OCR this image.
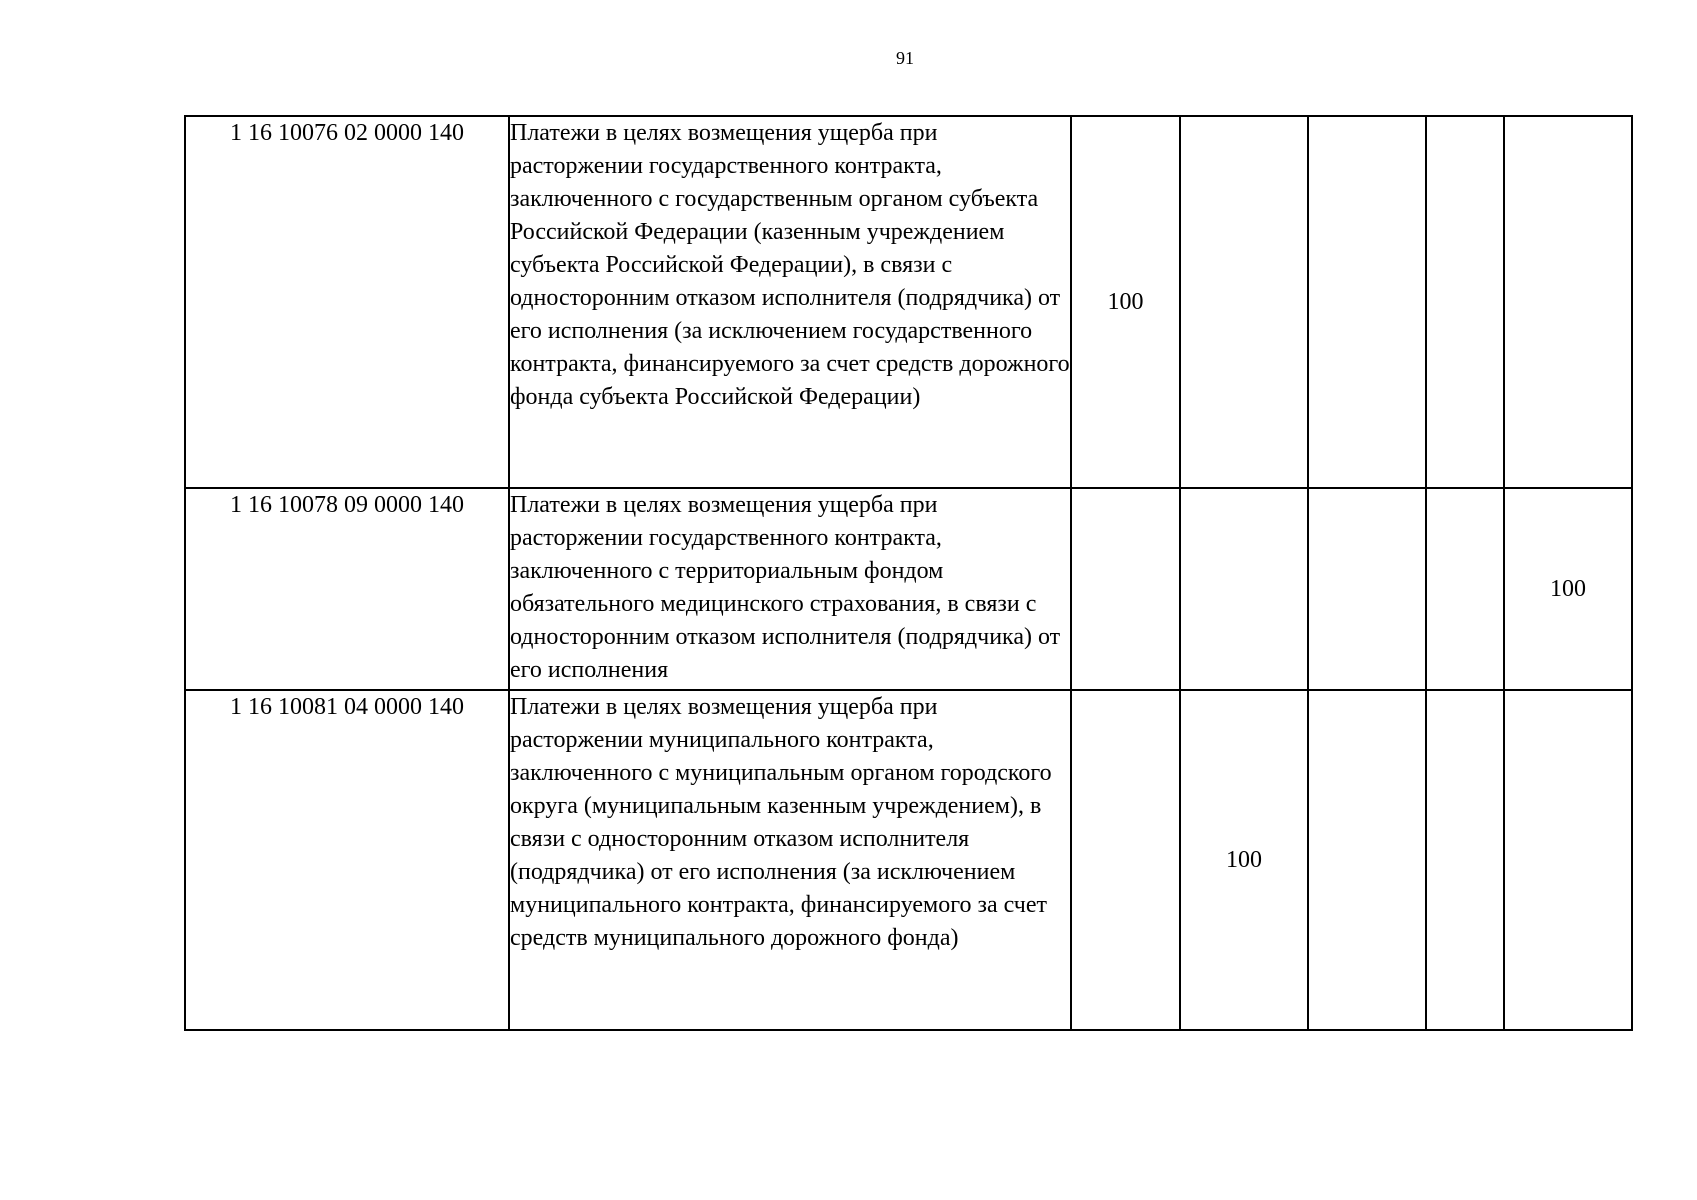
91
1 16 10076 02 0000 140	Платежи в целях возмещения ущерба при расторжении государственного контракта, заключенного с государственным органом субъекта Российской Федерации (казенным учреждением субъекта Российской Федерации), в связи с односторонним отказом исполнителя (подрядчика) от его исполнения (за исключением государственного контракта, финансируемого за счет средств дорожного фонда субъекта Российской Федерации)	100				
1 16 10078 09 0000 140	Платежи в целях возмещения ущерба при расторжении государственного контракта, заключенного с территориальным фондом обязательного медицинского страхования, в связи с односторонним отказом исполнителя (подрядчика) от его исполнения					100
1 16 10081 04 0000 140	Платежи в целях возмещения ущерба при расторжении муниципального контракта, заключенного с муниципальным органом городского округа (муниципальным казенным учреждением), в связи с односторонним отказом исполнителя (подрядчика) от его исполнения (за исключением муниципального контракта, финансируемого за счет средств муниципального дорожного фонда)		100			
